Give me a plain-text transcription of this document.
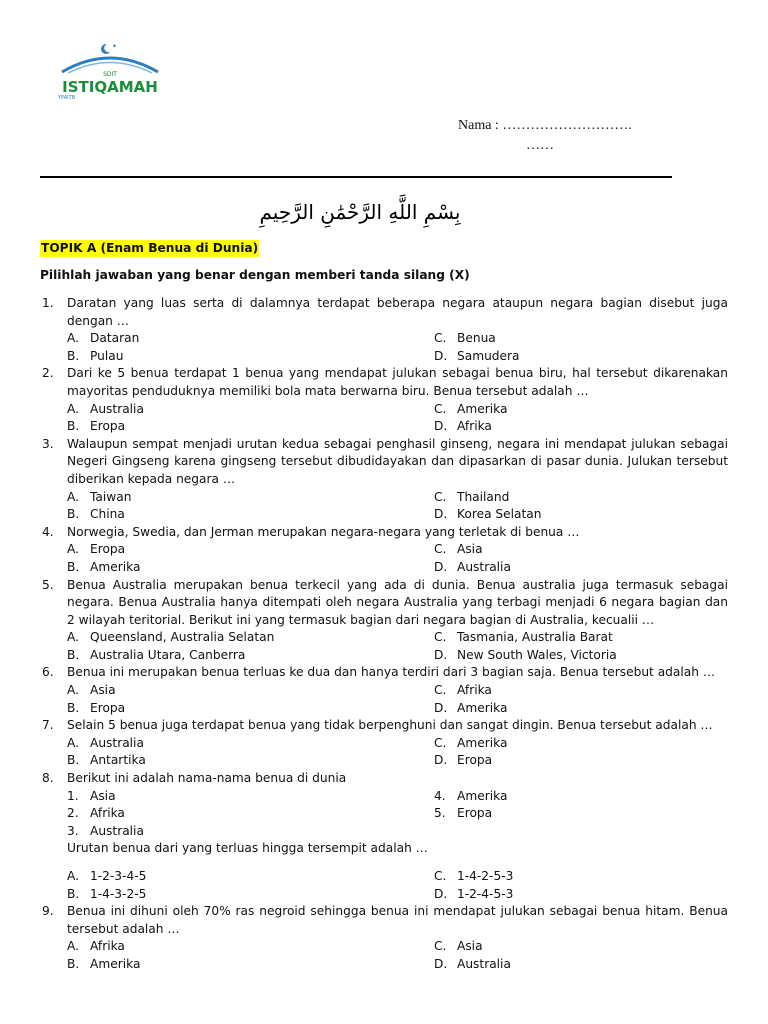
✦
SDIT
ISTIQAMAH
YPAITB
Nama : ……………………….
……
بِسْمِ اللَّهِ الرَّحْمَٰنِ الرَّحِيمِ
TOPIK A (Enam Benua di Dunia)
Pilihlah jawaban yang benar dengan memberi tanda silang (X)
1. Daratan yang luas serta di dalamnya terdapat beberapa negara ataupun negara bagian disebut juga dengan …
A. Dataran	C. Benua
B. Pulau	D. Samudera
2. Dari ke 5 benua terdapat 1 benua yang mendapat julukan sebagai benua biru, hal tersebut dikarenakan mayoritas penduduknya memiliki bola mata berwarna biru. Benua tersebut adalah …
A. Australia	C. Amerika
B. Eropa	D. Afrika
3. Walaupun sempat menjadi urutan kedua sebagai penghasil ginseng, negara ini mendapat julukan sebagai Negeri Gingseng karena gingseng tersebut dibudidayakan dan dipasarkan di pasar dunia. Julukan tersebut diberikan kepada negara …
A. Taiwan	C. Thailand
B. China	D. Korea Selatan
4. Norwegia, Swedia, dan Jerman merupakan negara-negara yang terletak di benua …
A. Eropa	C. Asia
B. Amerika	D. Australia
5. Benua Australia merupakan benua terkecil yang ada di dunia. Benua australia juga termasuk sebagai negara. Benua Australia hanya ditempati oleh negara Australia yang terbagi menjadi 6 negara bagian dan 2 wilayah teritorial. Berikut ini yang termasuk bagian dari negara bagian di Australia, kecualii …
A. Queensland, Australia Selatan	C. Tasmania, Australia Barat
B. Australia Utara, Canberra	D. New South Wales, Victoria
6. Benua ini merupakan benua terluas ke dua dan hanya terdiri dari 3 bagian saja. Benua tersebut adalah …
A. Asia	C. Afrika
B. Eropa	D. Amerika
7. Selain 5 benua juga terdapat benua yang tidak berpenghuni dan sangat dingin. Benua tersebut adalah …
A. Australia	C. Amerika
B. Antartika	D. Eropa
8. Berikut ini adalah nama-nama benua di dunia
1. Asia	4. Amerika
2. Afrika	5. Eropa
3. Australia
Urutan benua dari yang terluas hingga tersempit adalah …
A. 1-2-3-4-5	C. 1-4-2-5-3
B. 1-4-3-2-5	D. 1-2-4-5-3
9. Benua ini dihuni oleh 70% ras negroid sehingga benua ini mendapat julukan sebagai benua hitam. Benua tersebut adalah …
A. Afrika	C. Asia
B. Amerika	D. Australia
